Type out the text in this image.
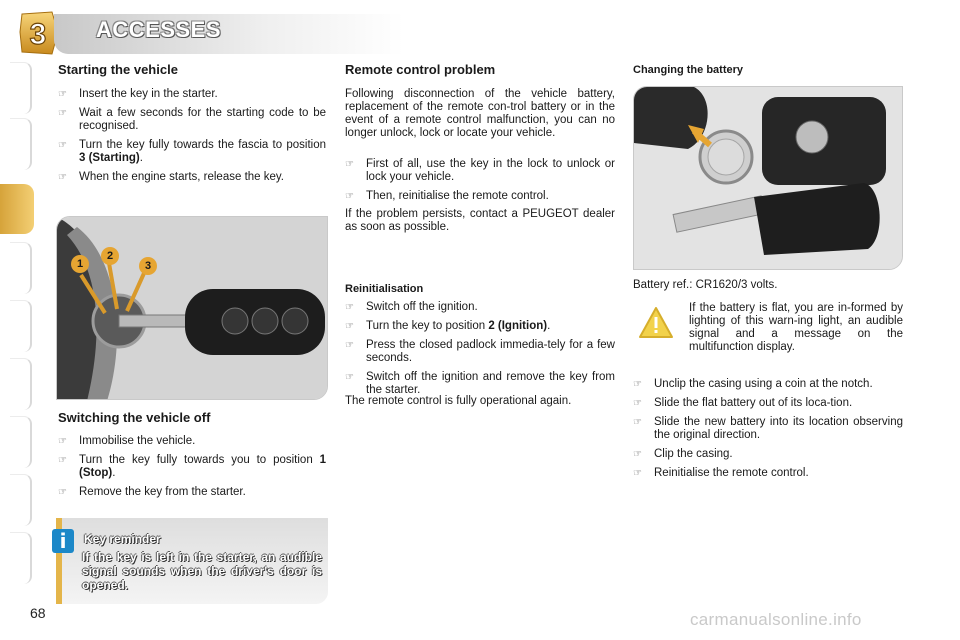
3 ACCESSES
Starting the vehicle
☞ Insert the key in the starter.
☞ Wait a few seconds for the starting code to be recognised.
☞ Turn the key fully towards the fascia to position 3 (Starting).
☞ When the engine starts, release the key.
1
2
3
Switching the vehicle off
☞ Immobilise the vehicle.
☞ Turn the key fully towards you to position 1 (Stop).
☞ Remove the key from the starter.
i	Key reminder
If the key is left in the starter, an audible signal sounds when the driver's door is opened.
Remote control problem

Following disconnection of the vehicle battery, replacement of the remote con-trol battery or in the event of a remote control malfunction, you can no longer unlock, lock or locate your vehicle.

☞ First of all, use the key in the lock to unlock or lock your vehicle.
☞ Then, reinitialise the remote control.

If the problem persists, contact a PEUGEOT dealer as soon as possible.

Reinitialisation
☞ Switch off the ignition.
☞ Turn the key to position 2 (Ignition).
☞ Press the closed padlock immedia-tely for a few seconds.
☞ Switch off the ignition and remove the key from the starter.

The remote control is fully operational again.

Changing the battery

Battery ref.: CR1620/3 volts.

If the battery is flat, you are in-formed by lighting of this warn-ing light, an audible signal and a message on the multifunction display.

☞ Unclip the casing using a coin at the notch.
☞ Slide the flat battery out of its loca-tion.
☞ Slide the new battery into its location observing the original direction.
☞ Clip the casing.
☞ Reinitialise the remote control.
68	carmanualsonline.info
